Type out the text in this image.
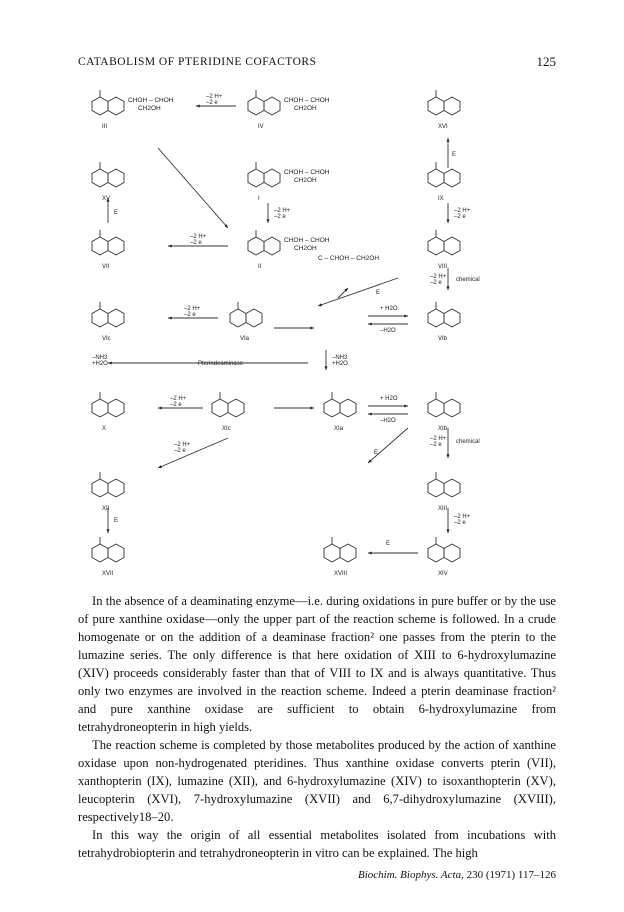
CATABOLISM OF PTERIDINE COFACTORS	125
III	IV	XVI
XV	I	IX
VII	II	VIII
VIc	VIa	VIb
X	XIc	XIa	XIb
XII	XIII
XVII	XVIII	XIV
CHOH – CHOH
CH2OH
CHOH – CHOH
CH2OH
CHOH – CHOH
CH2OH
CHOH – CHOH
CH2OH
C – CHOH – CH2OH
–2 H+
–2 e
E
–2 H+
–2 e
E	–2 H+
–2 e
–2 H+
–2 e
–2 H+
–2 e chemical
E
–2 H+
–2 e
+ H2O
–H2O
Pterindeaminase
–NH3
+H2O
–NH3
+H2O
–2 H+
–2 e
+ H2O
–H2O
–2 H+
–2 e chemical
E
–2 H+
–2 e
–2 H+
–2 e
E
E

In the absence of a deaminating enzyme—i.e. during oxidations in pure buffer or by the use of pure xanthine oxidase—only the upper part of the reaction scheme is followed. In a crude homogenate or on the addition of a deaminase fraction² one passes from the pterin to the lumazine series. The only difference is that here oxidation of XIII to 6-hydroxylumazine (XIV) proceeds considerably faster than that of VIII to IX and is always quantitative. Thus only two enzymes are involved in the reaction scheme. Indeed a pterin deaminase fraction² and pure xanthine oxidase are sufficient to obtain 6-hydroxylumazine from tetrahydroneopterin in high yields.

The reaction scheme is completed by those metabolites produced by the action of xanthine oxidase upon non-hydrogenated pteridines. Thus xanthine oxidase converts pterin (VII), xanthopterin (IX), lumazine (XII), and 6-hydroxylumazine (XIV) to isoxanthopterin (XV), leucopterin (XVI), 7-hydroxylumazine (XVII) and 6,7-dihydroxylumazine (XVIII), respectively18–20.

In this way the origin of all essential metabolites isolated from incubations with tetrahydrobiopterin and tetrahydroneopterin in vitro can be explained. The high

Biochim. Biophys. Acta, 230 (1971) 117–126
